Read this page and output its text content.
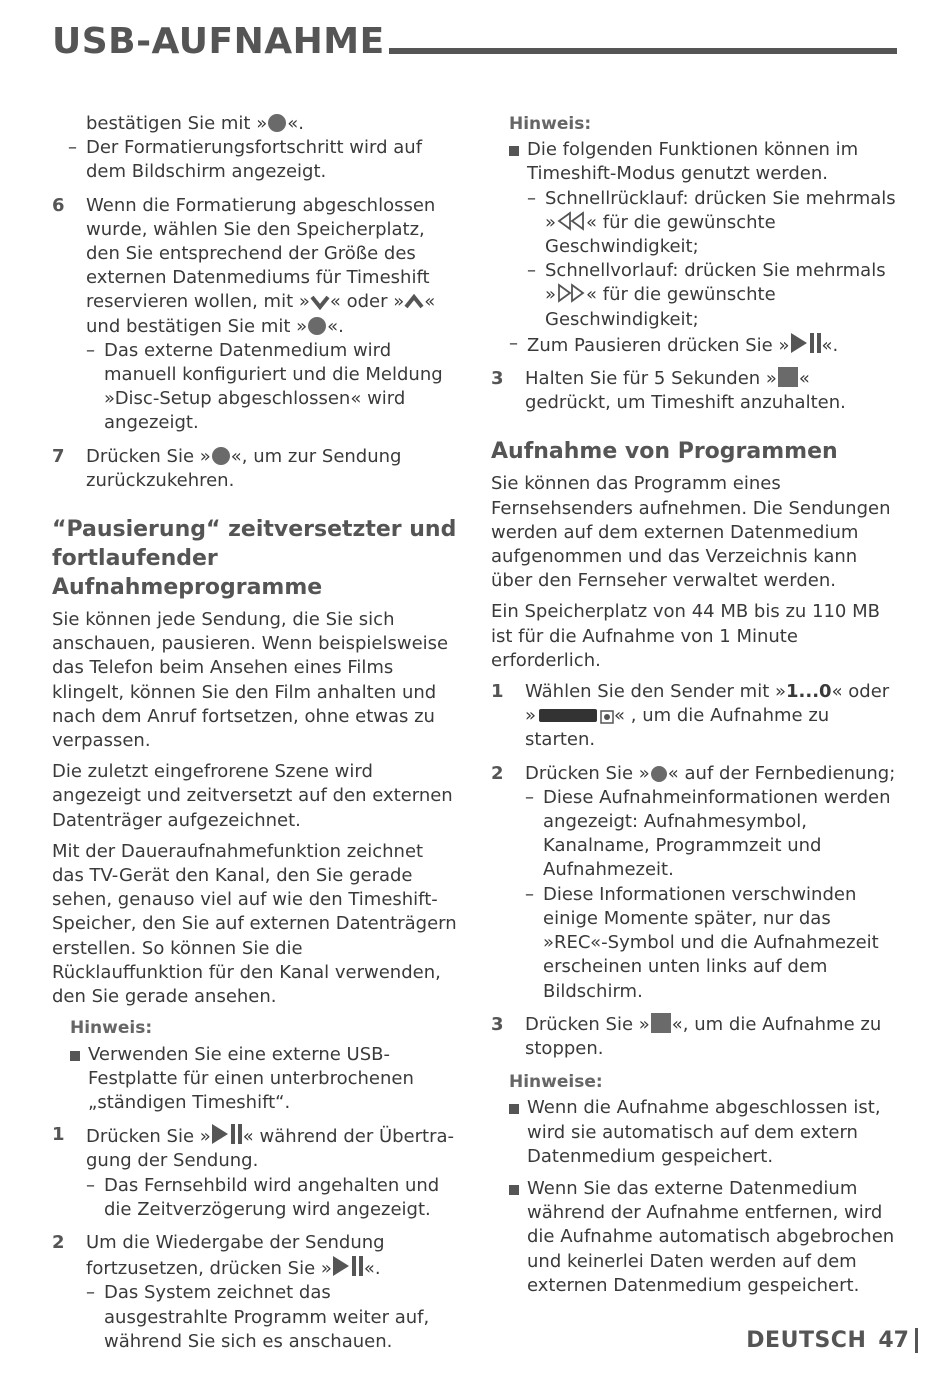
USB-AUFNAHME

bestätigen Sie mit » «.

– Der Formatierungsfortschritt wird auf dem Bildschirm angezeigt.

6 Wenn die Formatierung abgeschlossen wurde, wählen Sie den Speicherplatz, den Sie entsprechend der Größe des externen Datenmediums für Timeshift reservieren wollen, mit » « oder » « und bestätigen Sie mit » «.

– Das externe Datenmedium wird manuell konfiguriert und die Meldung »Disc-Setup abgeschlossen« wird angezeigt.

7 Drücken Sie » «, um zur Sendung zurückzukehren.

“Pausierung“ zeitversetzter und fortlaufender Aufnahmeprogramme

Sie können jede Sendung, die Sie sich anschauen, pausieren. Wenn beispielsweise das Telefon beim Ansehen eines Films klingelt, können Sie den Film anhalten und nach dem Anruf fortsetzen, ohne etwas zu verpassen.

Die zuletzt eingefrorene Szene wird angezeigt und zeitversetzt auf den externen Datenträger aufgezeichnet.

Mit der Daueraufnahmefunktion zeichnet das TV-Gerät den Kanal, den Sie gerade sehen, genauso viel auf wie den Timeshift-Speicher, den Sie auf externen Datenträgern erstellen. So können Sie die Rücklauffunktion für den Kanal verwenden, den Sie gerade ansehen.

Hinweis:

Verwenden Sie eine externe USB-Festplatte für einen unterbrochenen „ständigen Timeshift“.

1 Drücken Sie » « während der Übertragung der Sendung.

– Das Fernsehbild wird angehalten und die Zeitverzögerung wird angezeigt.

2 Um die Wiedergabe der Sendung fortzusetzen, drücken Sie » «.

– Das System zeichnet das ausgestrahlte Programm weiter auf, während Sie sich es anschauen.

Hinweis:

Die folgenden Funktionen können im Timeshift-Modus genutzt werden.

– Schnellrücklauf: drücken Sie mehrmals » « für die gewünschte Geschwindigkeit;

– Schnellvorlauf: drücken Sie mehrmals » « für die gewünschte Geschwindigkeit;

– Zum Pausieren drücken Sie » «.

3 Halten Sie für 5 Sekunden » « gedrückt, um Timeshift anzuhalten.

Aufnahme von Programmen

Sie können das Programm eines Fernsehsenders aufnehmen. Die Sendungen werden auf dem externen Datenmedium aufgenommen und das Verzeichnis kann über den Fernseher verwaltet werden.

Ein Speicherplatz von 44 MB bis zu 110 MB ist für die Aufnahme von 1 Minute erforderlich.

1 Wählen Sie den Sender mit »1...0« oder »	« , um die Aufnahme zu starten.

2 Drücken Sie » « auf der Fernbedienung;

– Diese Aufnahmeinformationen werden angezeigt: Aufnahmesymbol, Kanalname, Programmzeit und Aufnahmezeit.

– Diese Informationen verschwinden einige Momente später, nur das »REC«-Symbol und die Aufnahmezeit erscheinen unten links auf dem Bildschirm.

3 Drücken Sie » «, um die Aufnahme zu stoppen.

Hinweise:

Wenn die Aufnahme abgeschlossen ist, wird sie automatisch auf dem extern Datenmedium gespeichert.

Wenn Sie das externe Datenmedium während der Aufnahme entfernen, wird die Aufnahme automatisch abgebrochen und keinerlei Daten werden auf dem externen Datenmedium gespeichert.

DEUTSCH 47
